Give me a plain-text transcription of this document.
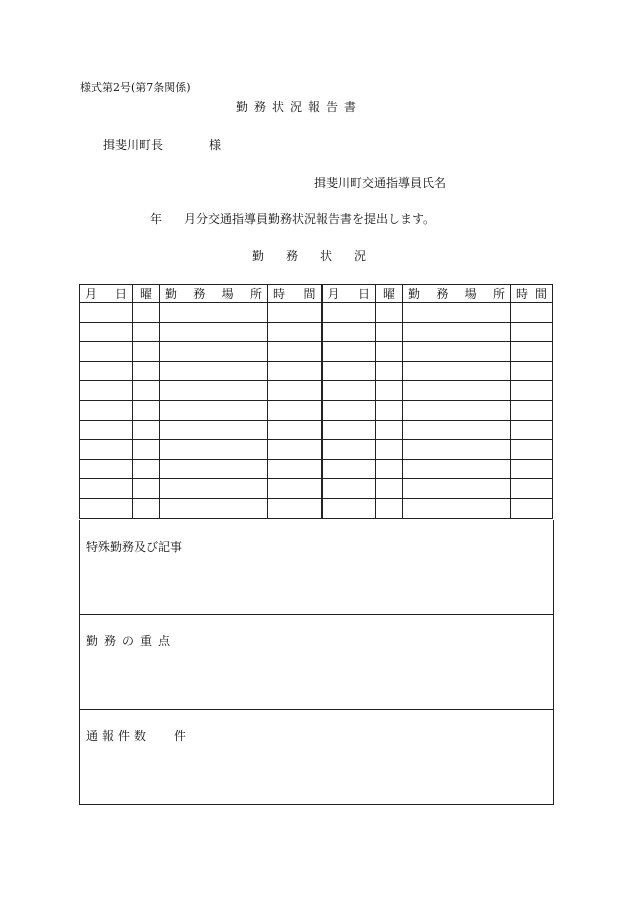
様式第2号(第7条関係)
勤務状況報告書
揖斐川町長	様
揖斐川町交通指導員氏名
年 月分交通指導員勤務状況報告書を提出します。
勤 務 状 況
月 日	曜	勤 務 場 所	時 間	月 日	曜	勤 務 場 所	時 間

特殊勤務及び記事
勤務の重点
通報件数 件
